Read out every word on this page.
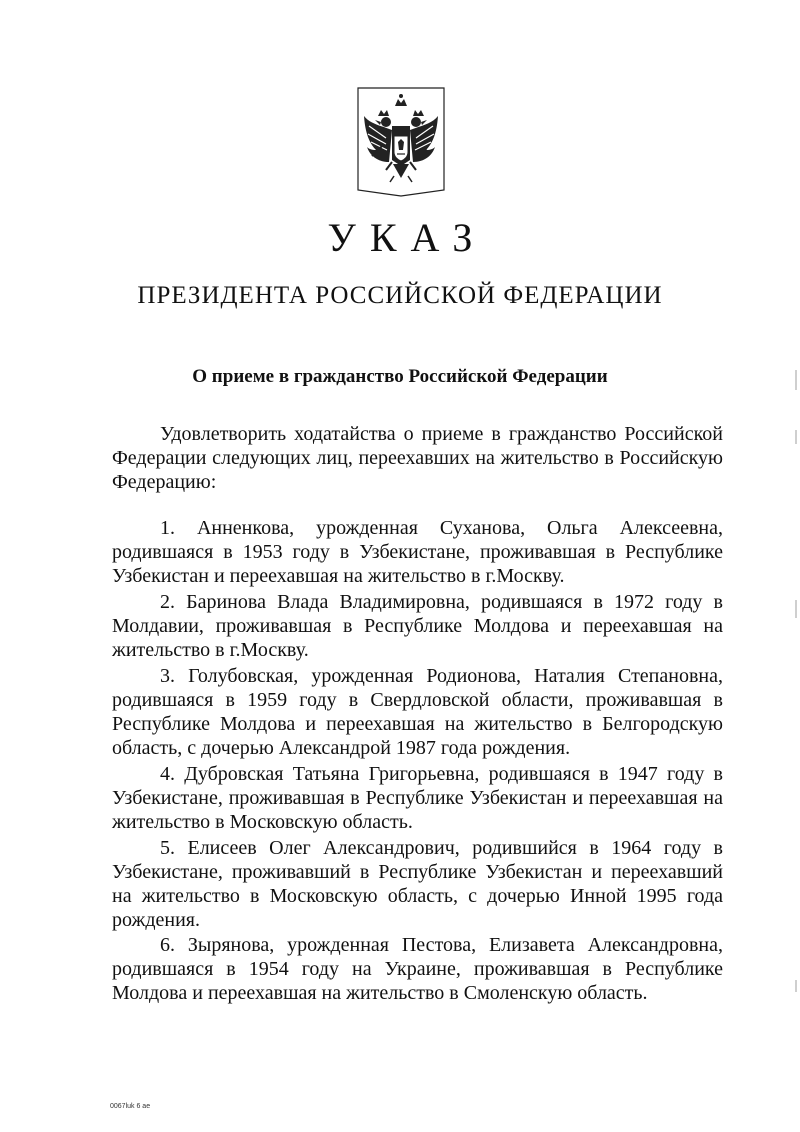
УКАЗ
ПРЕЗИДЕНТА РОССИЙСКОЙ ФЕДЕРАЦИИ
О приеме в гражданство Российской Федерации

Удовлетворить ходатайства о приеме в гражданство Российской Федерации следующих лиц, переехавших на жительство в Российскую Федерацию:

1. Анненкова, урожденная Суханова, Ольга Алексеевна, родившаяся в 1953 году в Узбекистане, проживавшая в Республике Узбекистан и переехавшая на жительство в г.Москву.

2. Баринова Влада Владимировна, родившаяся в 1972 году в Молдавии, проживавшая в Республике Молдова и переехавшая на жительство в г.Москву.

3. Голубовская, урожденная Родионова, Наталия Степановна, родившаяся в 1959 году в Свердловской области, проживавшая в Республике Молдова и переехавшая на жительство в Белгородскую область, с дочерью Александрой 1987 года рождения.

4. Дубровская Татьяна Григорьевна, родившаяся в 1947 году в Узбекистане, проживавшая в Республике Узбекистан и переехавшая на жительство в Московскую область.

5. Елисеев Олег Александрович, родившийся в 1964 году в Узбекистане, проживавший в Республике Узбекистан и переехавший на жительство в Московскую область, с дочерью Инной 1995 года рождения.

6. Зырянова, урожденная Пестова, Елизавета Александровна, родившаяся в 1954 году на Украине, проживавшая в Республике Молдова и переехавшая на жительство в Смоленскую область.

0067luk 6 ae
